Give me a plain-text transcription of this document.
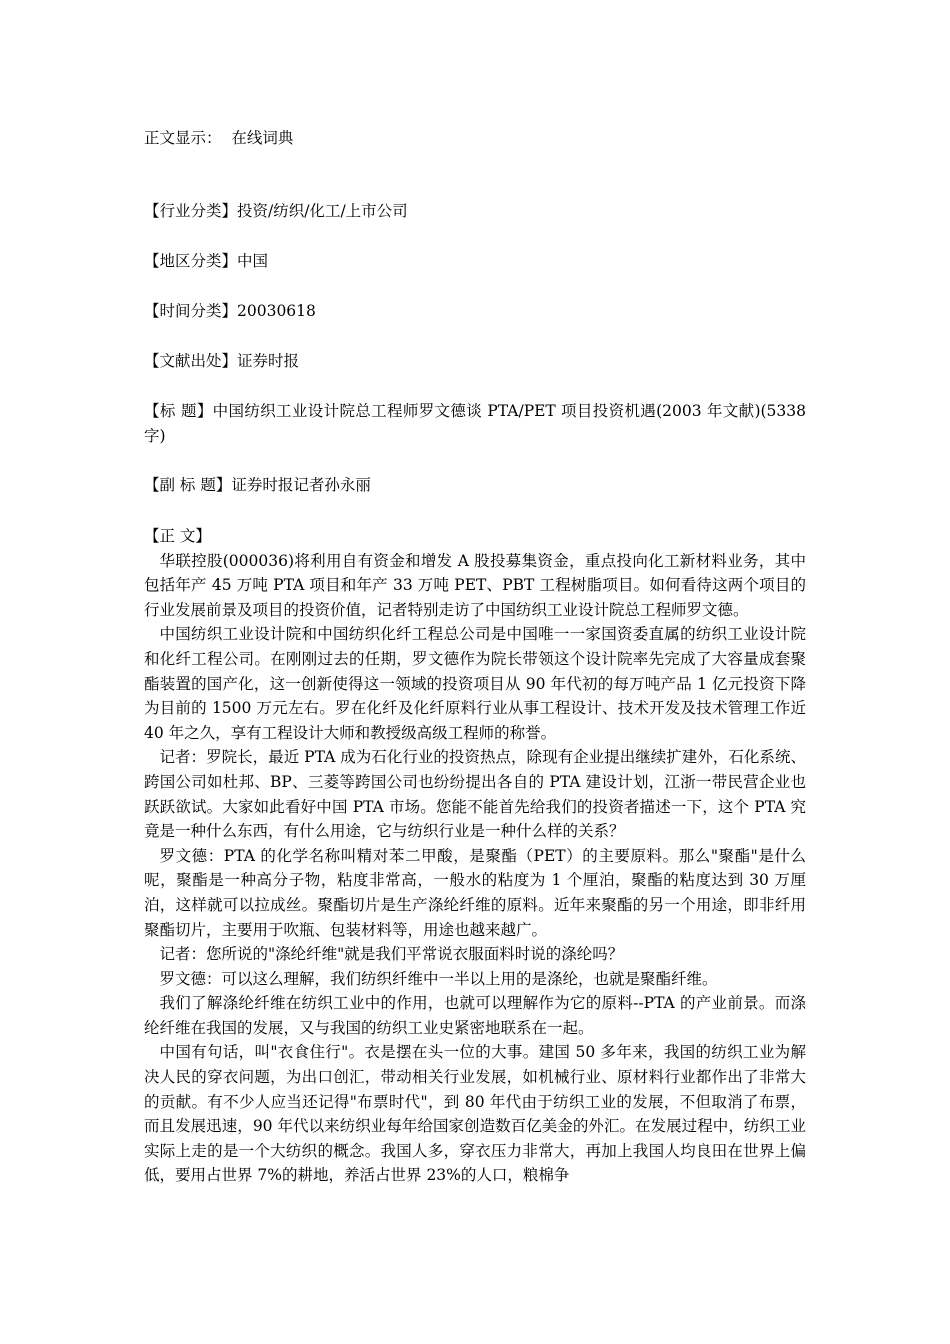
正文显示： 在线词典
【行业分类】投资/纺织/化工/上市公司
【地区分类】中国
【时间分类】20030618
【文献出处】证券时报

【标 题】中国纺织工业设计院总工程师罗文德谈 PTA/PET 项目投资机遇(2003 年文献)(5338 字)

【副 标 题】证券时报记者孙永丽
【正 文】

华联控股(000036)将利用自有资金和增发 A 股投募集资金，重点投向化工新材料业务，其中包括年产 45 万吨 PTA 项目和年产 33 万吨 PET、PBT 工程树脂项目。如何看待这两个项目的行业发展前景及项目的投资价值，记者特别走访了中国纺织工业设计院总工程师罗文德。

中国纺织工业设计院和中国纺织化纤工程总公司是中国唯一一家国资委直属的纺织工业设计院和化纤工程公司。在刚刚过去的任期，罗文德作为院长带领这个设计院率先完成了大容量成套聚酯装置的国产化，这一创新使得这一领域的投资项目从 90 年代初的每万吨产品 1 亿元投资下降为目前的 1500 万元左右。罗在化纤及化纤原料行业从事工程设计、技术开发及技术管理工作近 40 年之久，享有工程设计大师和教授级高级工程师的称誉。

记者：罗院长，最近 PTA 成为石化行业的投资热点，除现有企业提出继续扩建外，石化系统、跨国公司如杜邦、BP、三菱等跨国公司也纷纷提出各自的 PTA 建设计划，江浙一带民营企业也跃跃欲试。大家如此看好中国 PTA 市场。您能不能首先给我们的投资者描述一下，这个 PTA 究竟是一种什么东西，有什么用途，它与纺织行业是一种什么样的关系？

罗文德：PTA 的化学名称叫精对苯二甲酸，是聚酯（PET）的主要原料。那么"聚酯"是什么呢，聚酯是一种高分子物，粘度非常高，一般水的粘度为 1 个厘泊，聚酯的粘度达到 30 万厘泊，这样就可以拉成丝。聚酯切片是生产涤纶纤维的原料。近年来聚酯的另一个用途，即非纤用聚酯切片，主要用于吹瓶、包装材料等，用途也越来越广。

记者：您所说的"涤纶纤维"就是我们平常说衣服面料时说的涤纶吗？

罗文德：可以这么理解，我们纺织纤维中一半以上用的是涤纶，也就是聚酯纤维。

我们了解涤纶纤维在纺织工业中的作用，也就可以理解作为它的原料--PTA 的产业前景。而涤纶纤维在我国的发展，又与我国的纺织工业史紧密地联系在一起。

中国有句话，叫"衣食住行"。衣是摆在头一位的大事。建国 50 多年来，我国的纺织工业为解决人民的穿衣问题，为出口创汇，带动相关行业发展，如机械行业、原材料行业都作出了非常大的贡献。有不少人应当还记得"布票时代"，到 80 年代由于纺织工业的发展，不但取消了布票，而且发展迅速，90 年代以来纺织业每年给国家创造数百亿美金的外汇。在发展过程中，纺织工业实际上走的是一个大纺织的概念。我国人多，穿衣压力非常大，再加上我国人均良田在世界上偏低，要用占世界 7%的耕地，养活占世界 23%的人口，粮棉争
